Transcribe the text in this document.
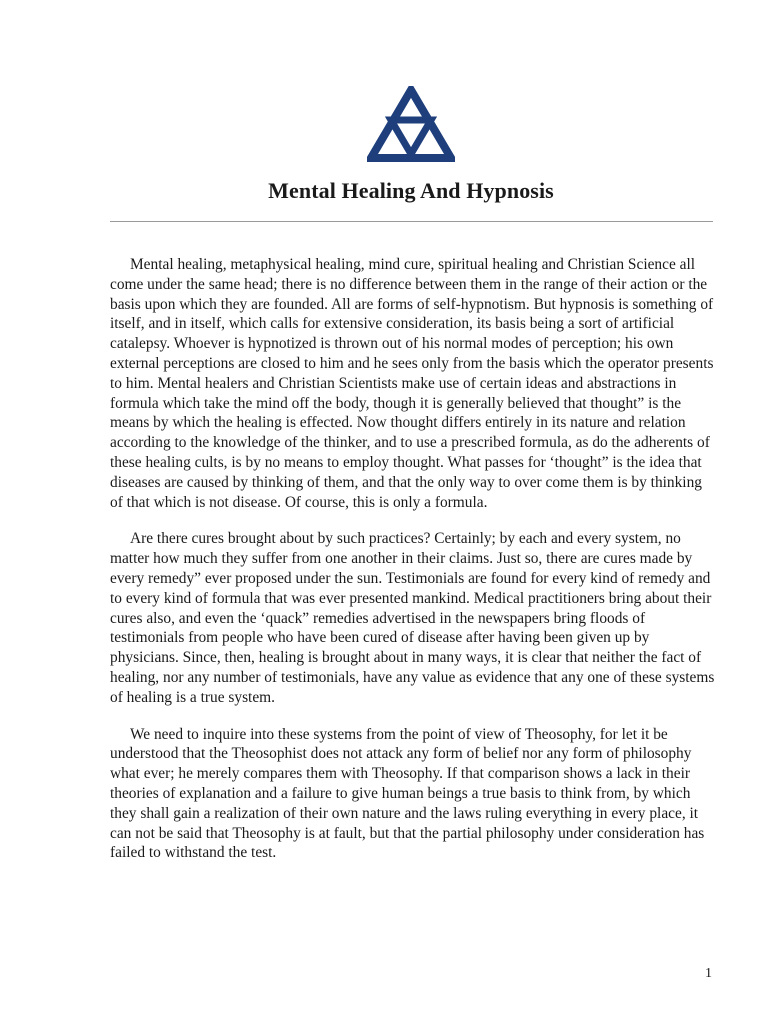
Mental Healing And Hypnosis

Mental healing, metaphysical healing, mind cure, spiritual healing and Christian Science all come under the same head; there is no difference between them in the range of their action or the basis upon which they are founded. All are forms of self-hypnotism. But hypnosis is something of itself, and in itself, which calls for extensive consideration, its basis being a sort of artificial catalepsy. Whoever is hypnotized is thrown out of his normal modes of perception; his own external perceptions are closed to him and he sees only from the basis which the operator presents to him. Mental healers and Christian Scientists make use of certain ideas and abstractions in formula which take the mind off the body, though it is generally believed that thought” is the means by which the healing is effected. Now thought differs entirely in its nature and relation according to the knowledge of the thinker, and to use a prescribed formula, as do the adherents of these healing cults, is by no means to employ thought. What passes for ‘thought” is the idea that diseases are caused by thinking of them, and that the only way to over come them is by thinking of that which is not disease. Of course, this is only a formula.

Are there cures brought about by such practices? Certainly; by each and every system, no matter how much they suffer from one another in their claims. Just so, there are cures made by every remedy” ever proposed under the sun. Testimonials are found for every kind of remedy and to every kind of formula that was ever presented mankind. Medical practitioners bring about their cures also, and even the ‘quack” remedies advertised in the newspapers bring floods of testimonials from people who have been cured of disease after having been given up by physicians. Since, then, healing is brought about in many ways, it is clear that neither the fact of healing, nor any number of testimonials, have any value as evidence that any one of these systems of healing is a true system.

We need to inquire into these systems from the point of view of Theosophy, for let it be understood that the Theosophist does not attack any form of belief nor any form of philosophy what ever; he merely compares them with Theosophy. If that comparison shows a lack in their theories of explanation and a failure to give human beings a true basis to think from, by which they shall gain a realization of their own nature and the laws ruling everything in every place, it can not be said that Theosophy is at fault, but that the partial philosophy under consideration has failed to withstand the test.

1
